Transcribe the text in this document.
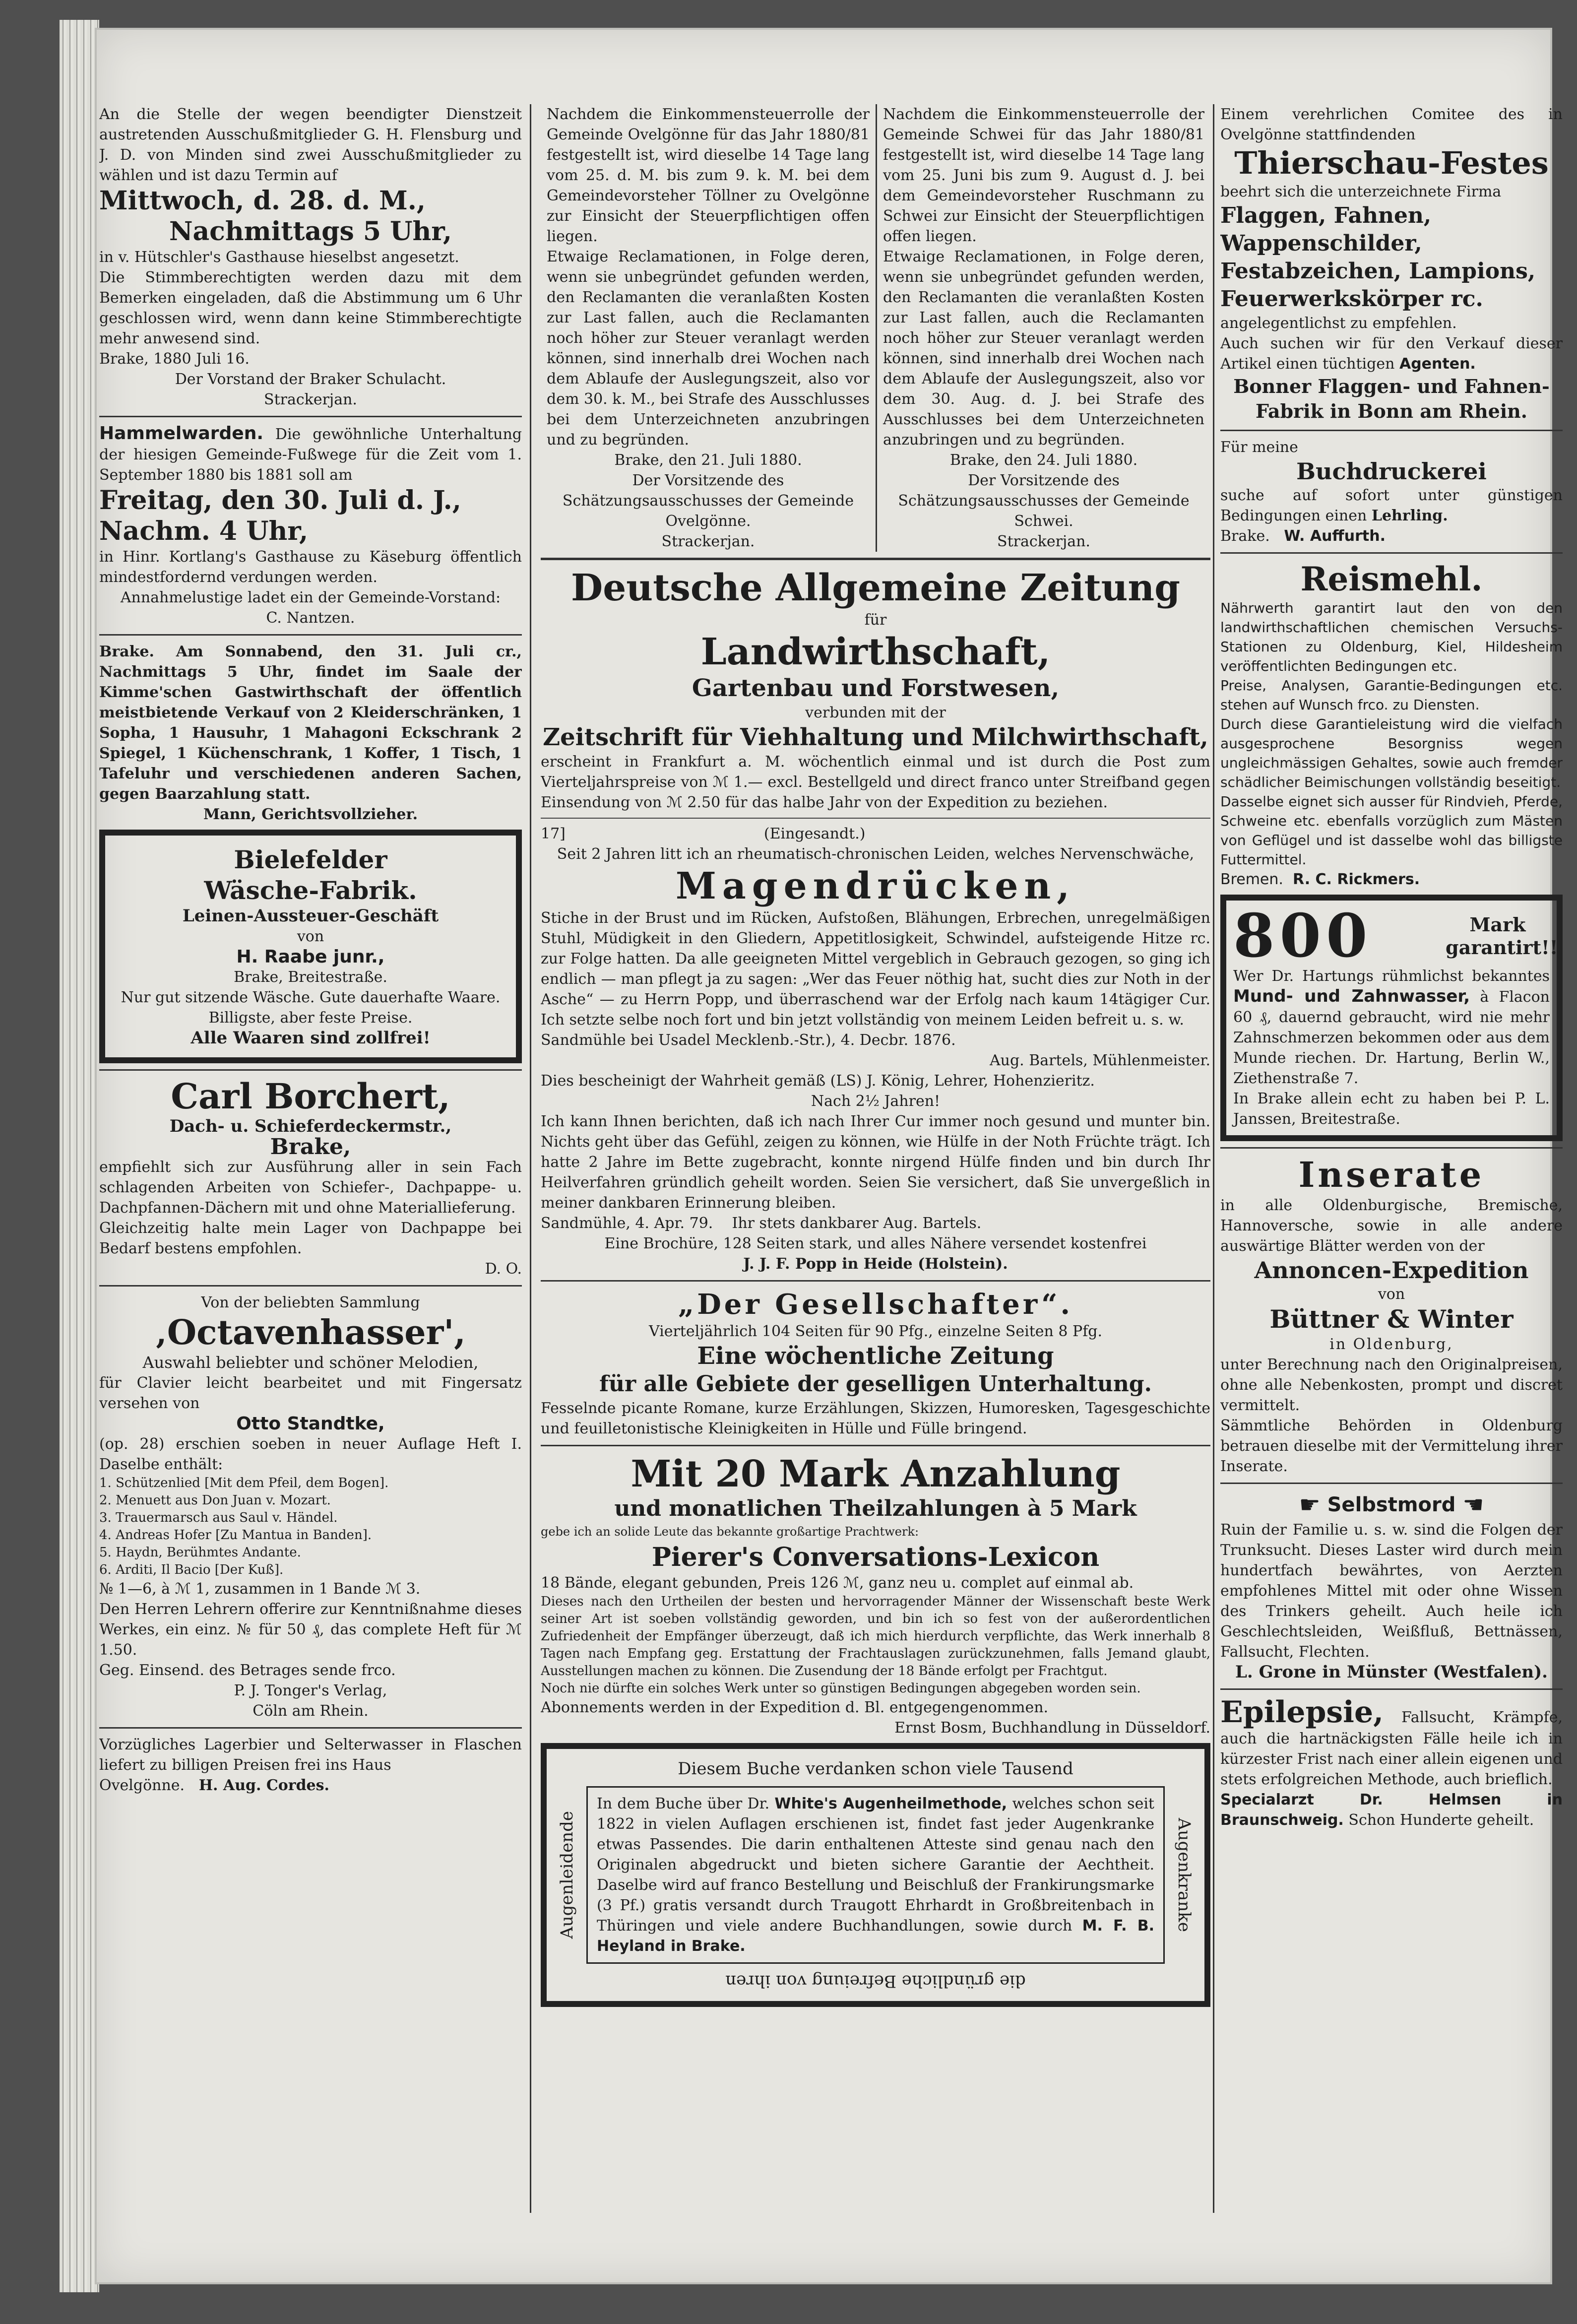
An die Stelle der wegen beendigter Dienstzeit austretenden Ausschußmitglieder G. H. Flensburg und J. D. von Minden sind zwei Ausschußmitglieder zu wählen und ist dazu Termin auf

Mittwoch, d. 28. d. M.,
Nachmittags 5 Uhr,

in v. Hütschler's Gasthause hieselbst angesetzt.

Die Stimmberechtigten werden dazu mit dem Bemerken eingeladen, daß die Abstimmung um 6 Uhr geschlossen wird, wenn dann keine Stimmberechtigte mehr anwesend sind.

Brake, 1880 Juli 16.

Der Vorstand der Braker Schulacht.

Strackerjan.

Hammelwarden. Die gewöhnliche Unterhaltung der hiesigen Gemeinde-Fußwege für die Zeit vom 1. September 1880 bis 1881 soll am

Freitag, den 30. Juli d. J., Nachm. 4 Uhr,

in Hinr. Kortlang's Gasthause zu Käseburg öffentlich mindestfordernd verdungen werden.

Annahmelustige ladet ein der Gemeinde-Vorstand:

C. Nantzen.

Brake. Am Sonnabend, den 31. Juli cr., Nachmittags 5 Uhr, findet im Saale der Kimme'schen Gastwirthschaft der öffentlich meistbietende Verkauf von 2 Kleiderschränken, 1 Sopha, 1 Hausuhr, 1 Mahagoni Eckschrank 2 Spiegel, 1 Küchenschrank, 1 Koffer, 1 Tisch, 1 Tafeluhr und verschiedenen anderen Sachen, gegen Baarzahlung statt.

Mann, Gerichtsvollzieher.

Bielefelder
Wäsche-Fabrik.
Leinen-Aussteuer-Geschäft
von
H. Raabe junr.,
Brake, Breitestraße.
Nur gut sitzende Wäsche. Gute dauerhafte Waare.
Billigste, aber feste Preise.
Alle Waaren sind zollfrei!
Carl Borchert,
Dach- u. Schieferdeckermstr.,
Brake,

empfiehlt sich zur Ausführung aller in sein Fach schlagenden Arbeiten von Schiefer-, Dachpappe- u. Dachpfannen-Dächern mit und ohne Materiallieferung.

Gleichzeitig halte mein Lager von Dachpappe bei Bedarf bestens empfohlen.

D. O.

Von der beliebten Sammlung

‚Octavenhasser',

Auswahl beliebter und schöner Melodien,

für Clavier leicht bearbeitet und mit Fingersatz versehen von

Otto Standtke,

(op. 28) erschien soeben in neuer Auflage Heft I. Daselbe enthält:

1. Schützenlied [Mit dem Pfeil, dem Bogen].

2. Menuett aus Don Juan v. Mozart.

3. Trauermarsch aus Saul v. Händel.

4. Andreas Hofer [Zu Mantua in Banden].

5. Haydn, Berühmtes Andante.

6. Arditi, Il Bacio [Der Kuß].

№ 1—6, à ℳ 1, zusammen in 1 Bande ℳ 3.

Den Herren Lehrern offerire zur Kenntnißnahme dieses Werkes, ein einz. № für 50 ₰, das complete Heft für ℳ 1.50.

Geg. Einsend. des Betrages sende frco.

P. J. Tonger's Verlag,

Cöln am Rhein.

Vorzügliches Lagerbier und Selterwasser in Flaschen liefert zu billigen Preisen frei ins Haus

Ovelgönne. H. Aug. Cordes.

Nachdem die Einkommensteuerrolle der Gemeinde Ovelgönne für das Jahr 1880/81 festgestellt ist, wird dieselbe 14 Tage lang vom 25. d. M. bis zum 9. k. M. bei dem Gemeindevorsteher Töllner zu Ovelgönne zur Einsicht der Steuerpflichtigen offen liegen.

Etwaige Reclamationen, in Folge deren, wenn sie unbegründet gefunden werden, den Reclamanten die veranlaßten Kosten zur Last fallen, auch die Reclamanten noch höher zur Steuer veranlagt werden können, sind innerhalb drei Wochen nach dem Ablaufe der Auslegungszeit, also vor dem 30. k. M., bei Strafe des Ausschlusses bei dem Unterzeichneten anzubringen und zu begründen.

Brake, den 21. Juli 1880.

Der Vorsitzende des Schätzungsausschusses der Gemeinde Ovelgönne.

Strackerjan.

Nachdem die Einkommensteuerrolle der Gemeinde Schwei für das Jahr 1880/81 festgestellt ist, wird dieselbe 14 Tage lang vom 25. Juni bis zum 9. August d. J. bei dem Gemeindevorsteher Ruschmann zu Schwei zur Einsicht der Steuerpflichtigen offen liegen.

Etwaige Reclamationen, in Folge deren, wenn sie unbegründet gefunden werden, den Reclamanten die veranlaßten Kosten zur Last fallen, auch die Reclamanten noch höher zur Steuer veranlagt werden können, sind innerhalb drei Wochen nach dem Ablaufe der Auslegungszeit, also vor dem 30. Aug. d. J. bei Strafe des Ausschlusses bei dem Unterzeichneten anzubringen und zu begründen.

Brake, den 24. Juli 1880.

Der Vorsitzende des Schätzungsausschusses der Gemeinde Schwei.

Strackerjan.

Deutsche Allgemeine Zeitung
für
Landwirthschaft,
Gartenbau und Forstwesen,
verbunden mit der
Zeitschrift für Viehhaltung und Milchwirthschaft,

erscheint in Frankfurt a. M. wöchentlich einmal und ist durch die Post zum Vierteljahrspreise von ℳ 1.— excl. Bestellgeld und direct franco unter Streifband gegen Einsendung von ℳ 2.50 für das halbe Jahr von der Expedition zu beziehen.

17]	(Eingesandt.)

Seit 2 Jahren litt ich an rheumatisch-chronischen Leiden, welches Nervenschwäche,

Magendrücken,

Stiche in der Brust und im Rücken, Aufstoßen, Blähungen, Erbrechen, unregelmäßigen Stuhl, Müdigkeit in den Gliedern, Appetitlosigkeit, Schwindel, aufsteigende Hitze rc. zur Folge hatten. Da alle geeigneten Mittel vergeblich in Gebrauch gezogen, so ging ich endlich — man pflegt ja zu sagen: „Wer das Feuer nöthig hat, sucht dies zur Noth in der Asche“ — zu Herrn Popp, und überraschend war der Erfolg nach kaum 14tägiger Cur. Ich setzte selbe noch fort und bin jetzt vollständig von meinem Leiden befreit u. s. w.

Sandmühle bei Usadel Mecklenb.-Str.), 4. Decbr. 1876.

Aug. Bartels, Mühlenmeister.

Dies bescheinigt der Wahrheit gemäß (LS) J. König, Lehrer, Hohenzieritz.

Nach 2½ Jahren!

Ich kann Ihnen berichten, daß ich nach Ihrer Cur immer noch gesund und munter bin. Nichts geht über das Gefühl, zeigen zu können, wie Hülfe in der Noth Früchte trägt. Ich hatte 2 Jahre im Bette zugebracht, konnte nirgend Hülfe finden und bin durch Ihr Heilverfahren gründlich geheilt worden. Seien Sie versichert, daß Sie unvergeßlich in meiner dankbaren Erinnerung bleiben.

Sandmühle, 4. Apr. 79. Ihr stets dankbarer Aug. Bartels.

Eine Brochüre, 128 Seiten stark, und alles Nähere versendet kostenfrei

J. J. F. Popp in Heide (Holstein).

„Der Gesellschafter“.

Vierteljährlich 104 Seiten für 90 Pfg., einzelne Seiten 8 Pfg.

Eine wöchentliche Zeitung
für alle Gebiete der geselligen Unterhaltung.

Fesselnde picante Romane, kurze Erzählungen, Skizzen, Humoresken, Tagesgeschichte und feuilletonistische Kleinigkeiten in Hülle und Fülle bringend.

Mit 20 Mark Anzahlung
und monatlichen Theilzahlungen à 5 Mark

gebe ich an solide Leute das bekannte großartige Prachtwerk:

Pierer's Conversations-Lexicon

18 Bände, elegant gebunden, Preis 126 ℳ, ganz neu u. complet auf einmal ab.

Dieses nach den Urtheilen der besten und hervorragender Männer der Wissenschaft beste Werk seiner Art ist soeben vollständig geworden, und bin ich so fest von der außerordentlichen Zufriedenheit der Empfänger überzeugt, daß ich mich hierdurch verpflichte, das Werk innerhalb 8 Tagen nach Empfang geg. Erstattung der Frachtauslagen zurückzunehmen, falls Jemand glaubt, Ausstellungen machen zu können. Die Zusendung der 18 Bände erfolgt per Frachtgut.

Noch nie dürfte ein solches Werk unter so günstigen Bedingungen abgegeben worden sein.

Abonnements werden in der Expedition d. Bl. entgegengenommen.

Ernst Bosm, Buchhandlung in Düsseldorf.

Diesem Buche verdanken schon viele Tausend
Augenleidende	Augenkranke

In dem Buche über Dr. White's Augenheilmethode, welches schon seit 1822 in vielen Auflagen erschienen ist, findet fast jeder Augenkranke etwas Passendes. Die darin enthaltenen Atteste sind genau nach den Originalen abgedruckt und bieten sichere Garantie der Aechtheit. Daselbe wird auf franco Bestellung und Beischluß der Frankirungsmarke (3 Pf.) gratis versandt durch Traugott Ehrhardt in Großbreitenbach in Thüringen und viele andere Buchhandlungen, sowie durch M. F. B. Heyland in Brake.

die gründliche Befreiung von ihren

Einem verehrlichen Comitee des in Ovelgönne stattfindenden

Thierschau-Festes

beehrt sich die unterzeichnete Firma

Flaggen, Fahnen, Wappenschilder, Festabzeichen, Lampions, Feuerwerkskörper rc.

angelegentlichst zu empfehlen.

Auch suchen wir für den Verkauf dieser Artikel einen tüchtigen Agenten.

Bonner Flaggen- und Fahnen-Fabrik in Bonn am Rhein.

Für meine

Buchdruckerei

suche auf sofort unter günstigen Bedingungen einen Lehrling.

Brake. W. Auffurth.

Reismehl.

Nährwerth garantirt laut den von den landwirthschaftlichen chemischen Versuchs-Stationen zu Oldenburg, Kiel, Hildesheim veröffentlichten Bedingungen etc.

Preise, Analysen, Garantie-Bedingungen etc. stehen auf Wunsch frco. zu Diensten.

Durch diese Garantieleistung wird die vielfach ausgesprochene Besorgniss wegen ungleichmässigen Gehaltes, sowie auch fremder schädlicher Beimischungen vollständig beseitigt.

Dasselbe eignet sich ausser für Rindvieh, Pferde, Schweine etc. ebenfalls vorzüglich zum Mästen von Geflügel und ist dasselbe wohl das billigste Futtermittel.

Bremen. R. C. Rickmers.

800	Mark garantirt!!

Wer Dr. Hartungs rühmlichst bekanntes Mund- und Zahnwasser, à Flacon 60 ₰, dauernd gebraucht, wird nie mehr Zahnschmerzen bekommen oder aus dem Munde riechen. Dr. Hartung, Berlin W., Ziethenstraße 7.

In Brake allein echt zu haben bei P. L. Janssen, Breitestraße.

Inserate

in alle Oldenburgische, Bremische, Hannoversche, sowie in alle andere auswärtige Blätter werden von der

Annoncen-Expedition
von
Büttner & Winter
in Oldenburg,

unter Berechnung nach den Originalpreisen, ohne alle Nebenkosten, prompt und discret vermittelt.

Sämmtliche Behörden in Oldenburg betrauen dieselbe mit der Vermittelung ihrer Inserate.

☛ Selbstmord ☚

Ruin der Familie u. s. w. sind die Folgen der Trunksucht. Dieses Laster wird durch mein hundertfach bewährtes, von Aerzten empfohlenes Mittel mit oder ohne Wissen des Trinkers geheilt. Auch heile ich Geschlechtsleiden, Weißfluß, Bettnässen, Fallsucht, Flechten.

L. Grone in Münster (Westfalen).

Epilepsie, Fallsucht, Krämpfe, auch die hartnäckigsten Fälle heile ich in kürzester Frist nach einer allein eigenen und stets erfolgreichen Methode, auch brieflich.

Specialarzt Dr. Helmsen in Braunschweig. Schon Hunderte geheilt.
